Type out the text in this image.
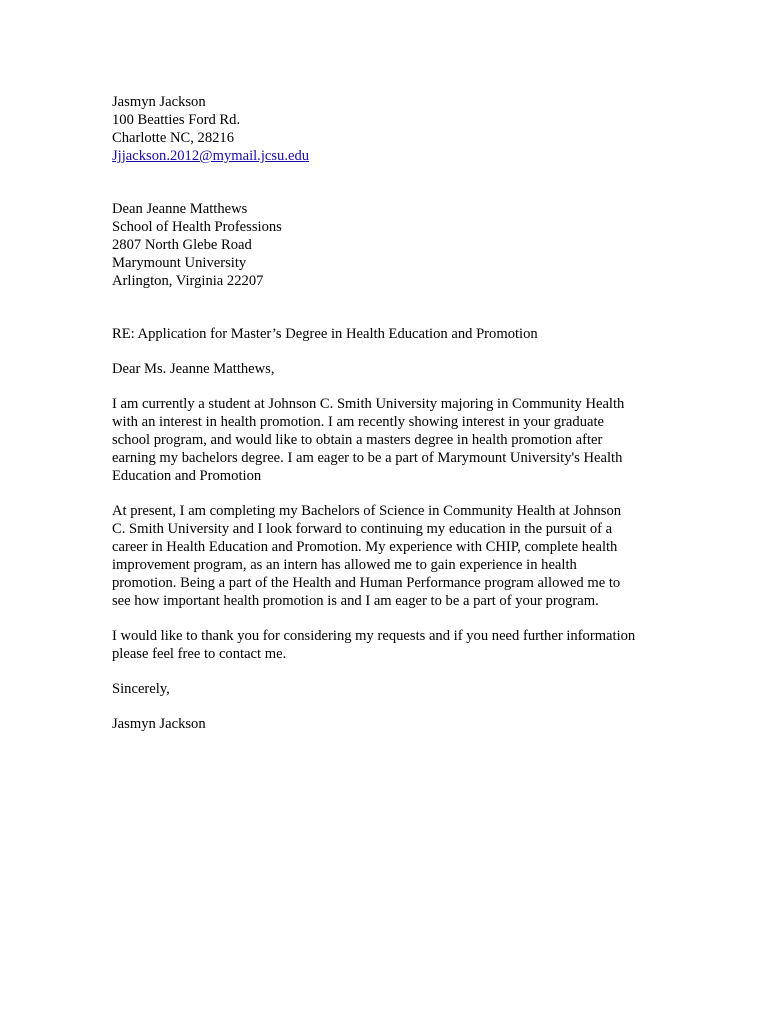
Jasmyn Jackson
100 Beatties Ford Rd.
Charlotte NC, 28216
Jjjackson.2012@mymail.jcsu.edu
Dean Jeanne Matthews
School of Health Professions
2807 North Glebe Road
Marymount University
Arlington, Virginia 22207
RE: Application for Master’s Degree in Health Education and Promotion
Dear Ms. Jeanne Matthews,
I am currently a student at Johnson C. Smith University majoring in Community Health
with an interest in health promotion. I am recently showing interest in your graduate
school program, and would like to obtain a masters degree in health promotion after
earning my bachelors degree. I am eager to be a part of Marymount University's Health
Education and Promotion
At present, I am completing my Bachelors of Science in Community Health at Johnson
C. Smith University and I look forward to continuing my education in the pursuit of a
career in Health Education and Promotion. My experience with CHIP, complete health
improvement program, as an intern has allowed me to gain experience in health
promotion. Being a part of the Health and Human Performance program allowed me to
see how important health promotion is and I am eager to be a part of your program.
I would like to thank you for considering my requests and if you need further information
please feel free to contact me.
Sincerely,
Jasmyn Jackson
